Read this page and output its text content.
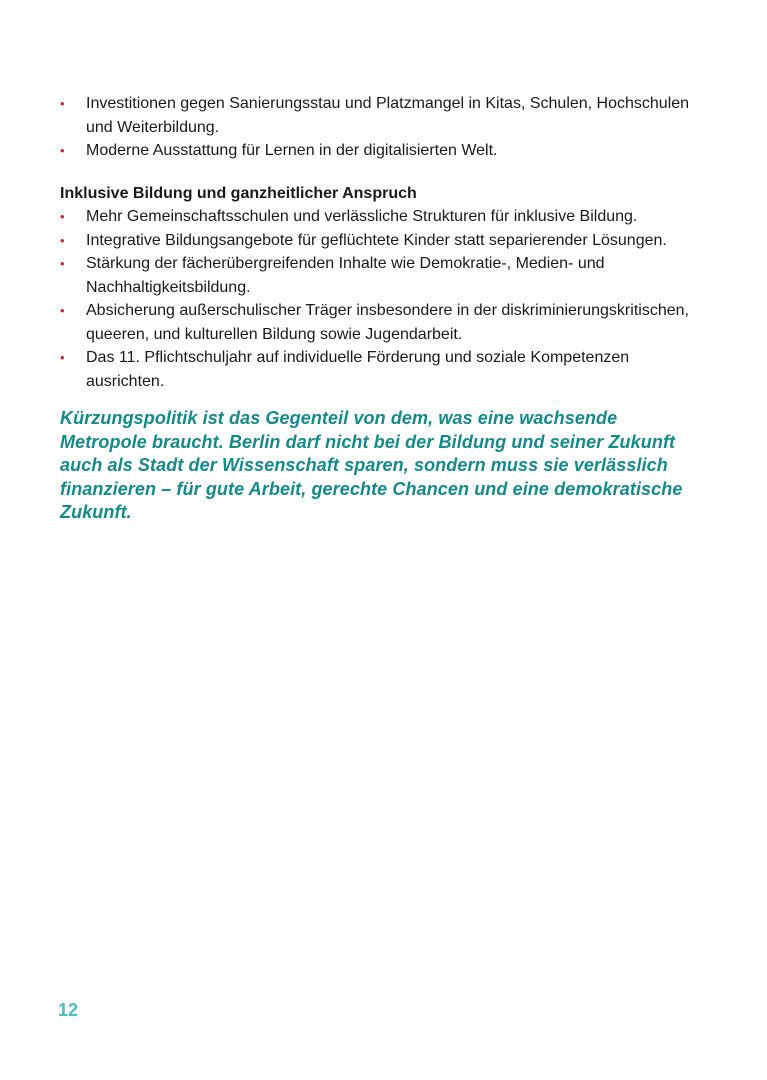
• Investitionen gegen Sanierungsstau und Platzmangel in Kitas, Schulen, Hochschulen und Weiterbildung.
• Moderne Ausstattung für Lernen in der digitalisierten Welt.
Inklusive Bildung und ganzheitlicher Anspruch
• Mehr Gemeinschaftsschulen und verlässliche Strukturen für inklusive Bildung.
• Integrative Bildungsangebote für geflüchtete Kinder statt separierender Lösungen.
• Stärkung der fächerübergreifenden Inhalte wie Demokratie-, Medien- und Nachhaltigkeitsbildung.
• Absicherung außerschulischer Träger insbesondere in der diskriminierungskritischen, queeren, und kulturellen Bildung sowie Jugendarbeit.
• Das 11. Pflichtschuljahr auf individuelle Förderung und soziale Kompetenzen ausrichten.

Kürzungspolitik ist das Gegenteil von dem, was eine wachsende Metropole braucht. Berlin darf nicht bei der Bildung und seiner Zukunft auch als Stadt der Wissenschaft sparen, sondern muss sie verlässlich finanzieren – für gute Arbeit, gerechte Chancen und eine demokratische Zukunft.

12
